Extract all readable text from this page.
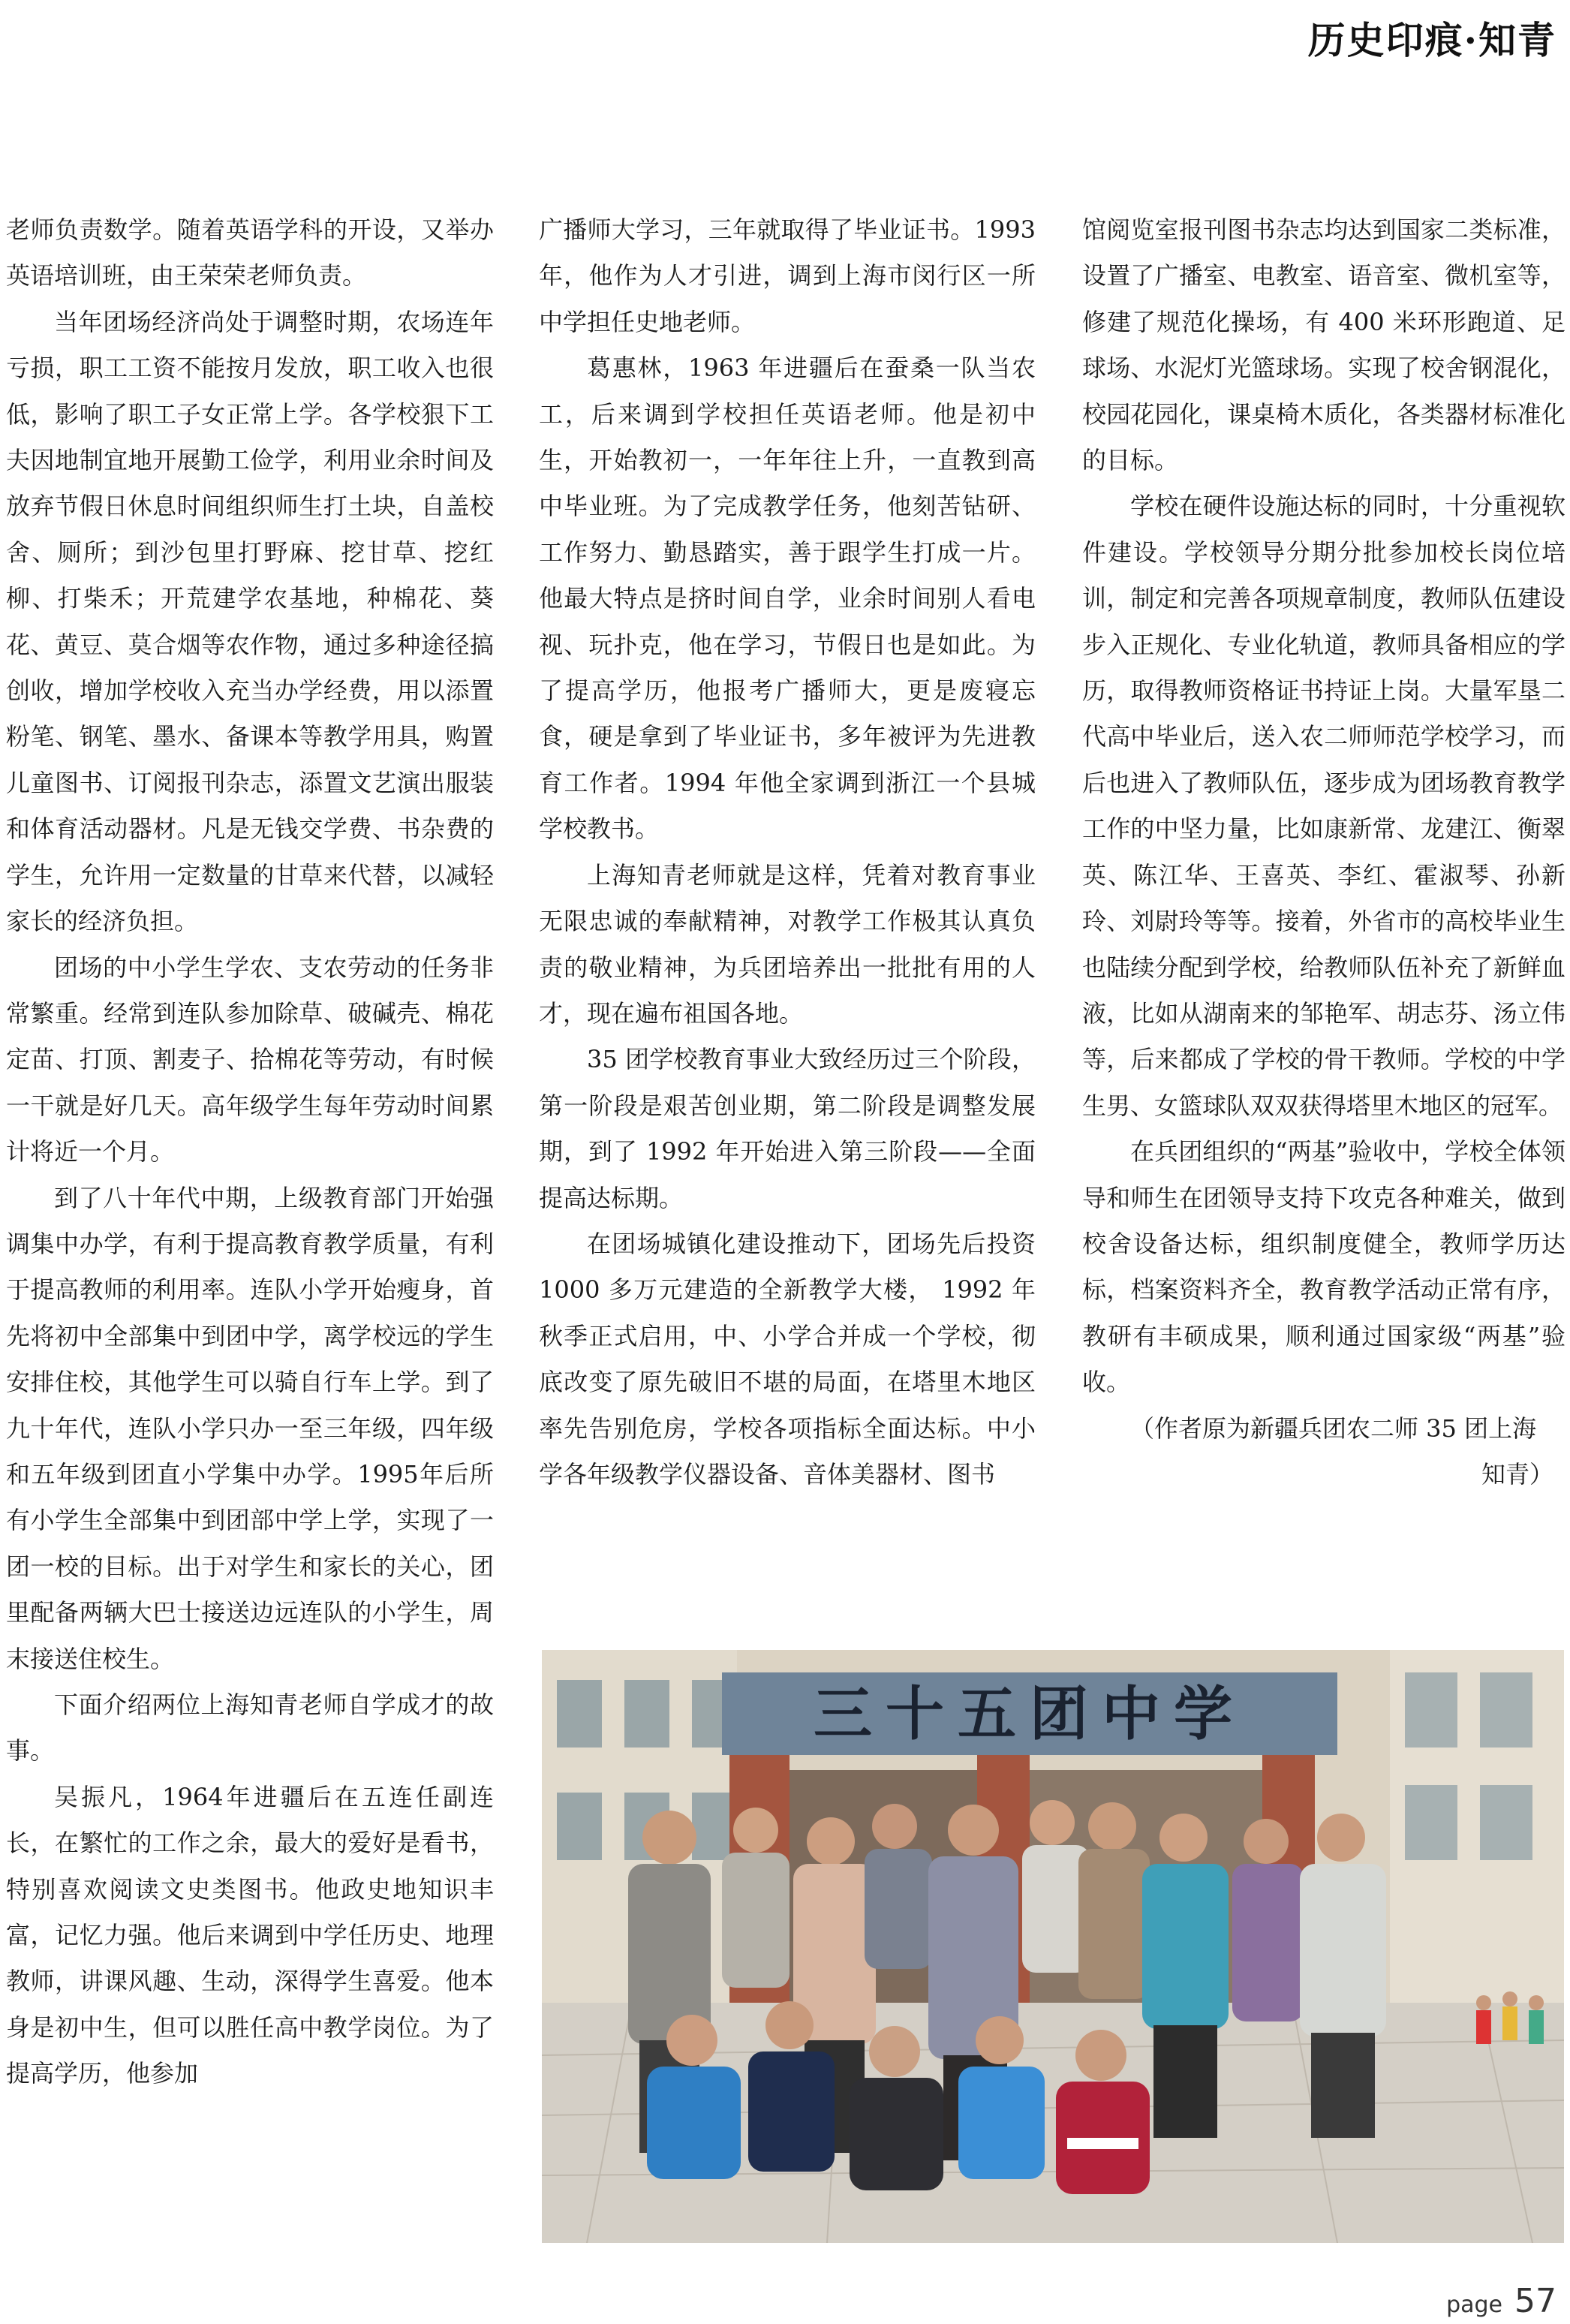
历史印痕·知青

老师负责数学。随着英语学科的开设，又举办英语培训班，由王荣荣老师负责。

当年团场经济尚处于调整时期，农场连年亏损，职工工资不能按月发放，职工收入也很低，影响了职工子女正常上学。各学校狠下工夫因地制宜地开展勤工俭学，利用业余时间及放弃节假日休息时间组织师生打土块，自盖校舍、厕所；到沙包里打野麻、挖甘草、挖红柳、打柴禾；开荒建学农基地，种棉花、葵花、黄豆、莫合烟等农作物，通过多种途径搞创收，增加学校收入充当办学经费，用以添置粉笔、钢笔、墨水、备课本等教学用具，购置儿童图书、订阅报刊杂志，添置文艺演出服装和体育活动器材。凡是无钱交学费、书杂费的学生，允许用一定数量的甘草来代替，以减轻家长的经济负担。

团场的中小学生学农、支农劳动的任务非常繁重。经常到连队参加除草、破碱壳、棉花定苗、打顶、割麦子、拾棉花等劳动，有时候一干就是好几天。高年级学生每年劳动时间累计将近一个月。

到了八十年代中期，上级教育部门开始强调集中办学，有利于提高教育教学质量，有利于提高教师的利用率。连队小学开始瘦身，首先将初中全部集中到团中学，离学校远的学生安排住校，其他学生可以骑自行车上学。到了九十年代，连队小学只办一至三年级，四年级和五年级到团直小学集中办学。1995年后所有小学生全部集中到团部中学上学，实现了一团一校的目标。出于对学生和家长的关心，团里配备两辆大巴士接送边远连队的小学生，周末接送住校生。

下面介绍两位上海知青老师自学成才的故事。

吴振凡，1964年进疆后在五连任副连长，在繁忙的工作之余，最大的爱好是看书，特别喜欢阅读文史类图书。他政史地知识丰富，记忆力强。他后来调到中学任历史、地理教师，讲课风趣、生动，深得学生喜爱。他本身是初中生，但可以胜任高中教学岗位。为了提高学历，他参加

广播师大学习，三年就取得了毕业证书。1993 年，他作为人才引进，调到上海市闵行区一所中学担任史地老师。

葛惠林，1963 年进疆后在蚕桑一队当农工，后来调到学校担任英语老师。他是初中生，开始教初一，一年年往上升，一直教到高中毕业班。为了完成教学任务，他刻苦钻研、工作努力、勤恳踏实，善于跟学生打成一片。他最大特点是挤时间自学，业余时间别人看电视、玩扑克，他在学习，节假日也是如此。为了提高学历，他报考广播师大，更是废寝忘食，硬是拿到了毕业证书，多年被评为先进教育工作者。1994 年他全家调到浙江一个县城学校教书。

上海知青老师就是这样，凭着对教育事业无限忠诚的奉献精神，对教学工作极其认真负责的敬业精神，为兵团培养出一批批有用的人才，现在遍布祖国各地。

35 团学校教育事业大致经历过三个阶段，第一阶段是艰苦创业期，第二阶段是调整发展期，到了 1992 年开始进入第三阶段——全面提高达标期。

在团场城镇化建设推动下，团场先后投资 1000 多万元建造的全新教学大楼， 1992 年秋季正式启用，中、小学合并成一个学校，彻底改变了原先破旧不堪的局面，在塔里木地区率先告别危房，学校各项指标全面达标。中小学各年级教学仪器设备、音体美器材、图书

馆阅览室报刊图书杂志均达到国家二类标准，设置了广播室、电教室、语音室、微机室等，修建了规范化操场，有 400 米环形跑道、足球场、水泥灯光篮球场。实现了校舍钢混化，校园花园化，课桌椅木质化，各类器材标准化的目标。

学校在硬件设施达标的同时，十分重视软件建设。学校领导分期分批参加校长岗位培训，制定和完善各项规章制度，教师队伍建设步入正规化、专业化轨道，教师具备相应的学历，取得教师资格证书持证上岗。大量军垦二代高中毕业后，送入农二师师范学校学习，而后也进入了教师队伍，逐步成为团场教育教学工作的中坚力量，比如康新常、龙建江、衡翠英、陈江华、王喜英、李红、霍淑琴、孙新玲、刘尉玲等等。接着，外省市的高校毕业生也陆续分配到学校，给教师队伍补充了新鲜血液，比如从湖南来的邹艳军、胡志芬、汤立伟等，后来都成了学校的骨干教师。学校的中学生男、女篮球队双双获得塔里木地区的冠军。

在兵团组织的“两基”验收中，学校全体领导和师生在团领导支持下攻克各种难关，做到校舍设备达标，组织制度健全，教师学历达标，档案资料齐全，教育教学活动正常有序，教研有丰硕成果，顺利通过国家级“两基”验收。

（作者原为新疆兵团农二师 35 团上海
知青）

三十五团中学
page 57
